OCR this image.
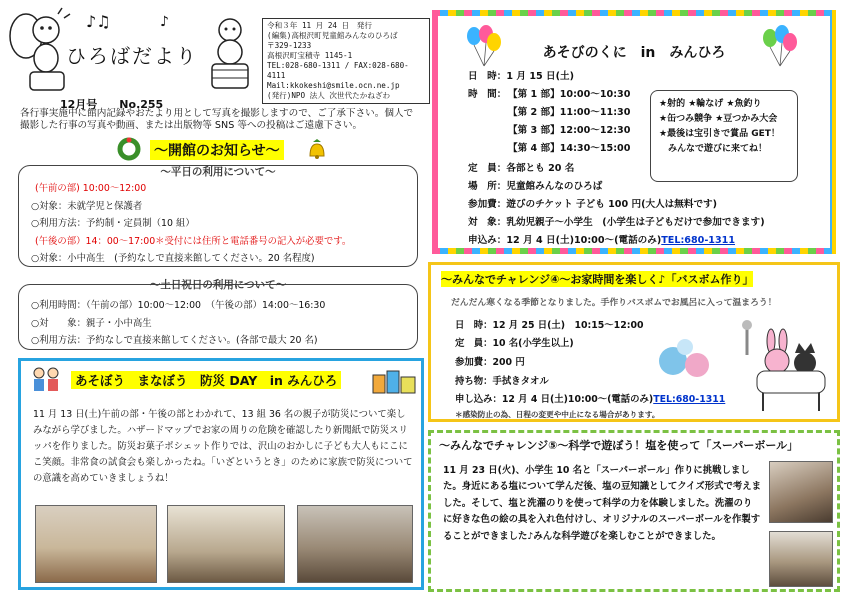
♪♫	♪
ひろばだより
12月号　　No.255
令和３年 11 月 24 日　発行
(編集)高根沢町児童館みんなのひろば
〒329-1233
高根沢町宝積寺 1145-1
TEL:028-680-1311 / FAX:028-680-4111
Mail:kkokeshi@smile.ocn.ne.jp
(発行)NPO 法人 次世代たかねざわ
各行事実施中に館内記録やおたより用として写真を撮影しますので、ご了承下さい。個人で撮影した行事の写真や動画、または出版物等 SNS 等への投稿はご遠慮下さい。
～開館のお知らせ～
～平日の利用について～
(午前の部) 10:00～12:00
○対象：未就学児と保護者
○利用方法：予約制・定員制（10 組）
(午後の部）14：00～17:00＊受付には住所と電話番号の記入が必要です。
○対象：小中高生　(予約なしで直接来館してください。20 名程度)
～土日祝日の利用について～
○利用時間：（午前の部）10:00～12:00　（午後の部）14:00～16:30
○対　　象：親子・小中高生
○利用方法：予約なしで直接来館してください。(各部で最大 20 名)
あそぼう　まなぼう　防災 DAY　in みんひろ
11 月 13 日(土)午前の部・午後の部とわかれて、13 組 36 名の親子が防災について楽しみながら学びました。ハザードマップでお家の周りの危険を確認したり新聞紙で防災スリッパを作りました。防災お菓子ポシェット作りでは、沢山のおかしに子ども大人もにこにこ笑顔。非常食の試食会も楽しかったね。「いざというとき」のために家族で防災についての意識を高めていきましょうね！
あそびのくに　in　みんひろ
日　時：1 月 15 日(土)
時　間： 【第 1 部】10:00～10:30
【第 2 部】11:00～11:30
【第 3 部】12:00～12:30
【第 4 部】14:30～15:00
定　員：各部とも 20 名
場　所：児童館みんなのひろば
参加費：遊びのチケット 子ども 100 円(大人は無料です)
対　象：乳幼児親子～小学生　(小学生は子どもだけで参加できます)
申込み：12 月 4 日(土)10:00～(電話のみ)TEL:680-1311
★射的 ★輪なげ ★魚釣り
★缶つみ競争 ★豆つかみ大会
★最後は宝引きで賞品 GET！
　みんなで遊びに来てね！
～みんなでチャレンジ④～お家時間を楽しく♪「バスボム作り」
だんだん寒くなる季節となりました。手作りバスボムでお風呂に入って温まろう！
日　時：12 月 25 日(土)　10:15～12:00
定　員：10 名(小学生以上)
参加費：200 円
持ち物：手拭きタオル
申し込み：12 月 4 日(土)10:00～(電話のみ)TEL:680-1311
＊感染防止の為、日程の変更や中止になる場合があります。
～みんなでチャレンジ⑤～科学で遊ぼう！塩を使って「スーパーボール」
11 月 23 日(火)、小学生 10 名と「スーパーボール」作りに挑戦しました。身近にある塩について学んだ後、塩の豆知識としてクイズ形式で考えました。そして、塩と洗濯のりを使って科学の力を体験しました。洗濯のりに好きな色の絵の具を入れ色付けし、オリジナルのスーパーボールを作製することができました♪みんな科学遊びを楽しむことができました。
